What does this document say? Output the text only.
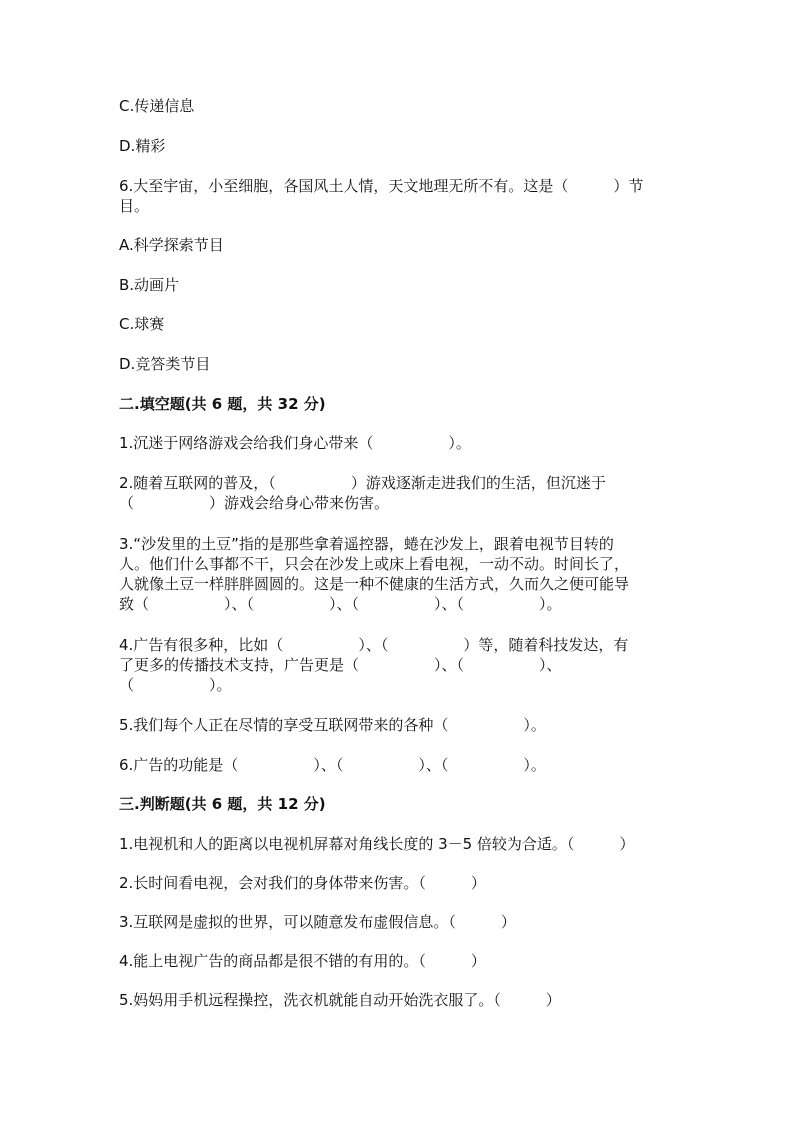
C.传递信息
D.精彩
6.大至宇宙，小至细胞，各国风土人情，天文地理无所不有。这是（　　　）节
目。
A.科学探索节目
B.动画片
C.球赛
D.竞答类节目
二.填空题(共 6 题，共 32 分)
1.沉迷于网络游戏会给我们身心带来（　　　　　）。
2.随着互联网的普及，（　　　　　）游戏逐渐走进我们的生活，但沉迷于
（　　　　　）游戏会给身心带来伤害。
3.“沙发里的土豆”指的是那些拿着遥控器，蜷在沙发上，跟着电视节目转的
人。他们什么事都不干，只会在沙发上或床上看电视，一动不动。时间长了，
人就像土豆一样胖胖圆圆的。这是一种不健康的生活方式，久而久之便可能导
致（　　　　　）、（　　　　　）、（　　　　　）、（　　　　　）。
4.广告有很多种，比如（　　　　　）、（　　　　　）等，随着科技发达，有
了更多的传播技术支持，广告更是（　　　　　）、（　　　　　）、
（　　　　　）。
5.我们每个人正在尽情的享受互联网带来的各种（　　　　　）。
6.广告的功能是（　　　　　）、（　　　　　）、（　　　　　）。
三.判断题(共 6 题，共 12 分)
1.电视机和人的距离以电视机屏幕对角线长度的 3－5 倍较为合适。（　　　）
2.长时间看电视，会对我们的身体带来伤害。（　　　）
3.互联网是虚拟的世界，可以随意发布虚假信息。（　　　）
4.能上电视广告的商品都是很不错的有用的。（　　　）
5.妈妈用手机远程操控，洗衣机就能自动开始洗衣服了。（　　　）
